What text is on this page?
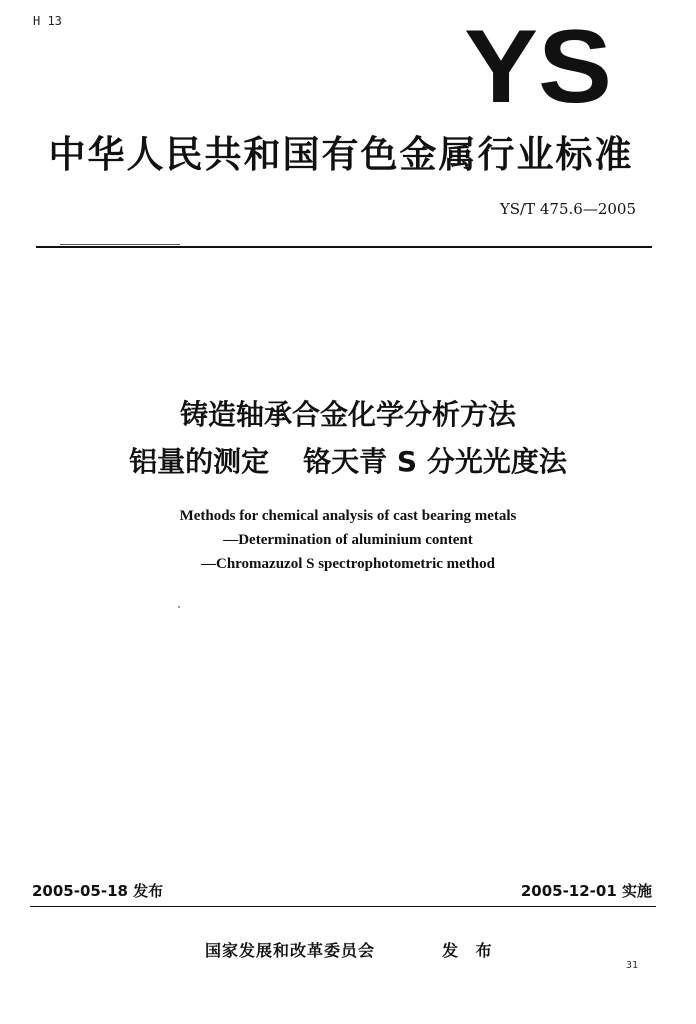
H 13	YS
中华人民共和国有色金属行业标准
YS/T 475.6—2005
铸造轴承合金化学分析方法
铝量的测定 铬天青 S 分光光度法
Methods for chemical analysis of cast bearing metals
—Determination of aluminium content
—Chromazuzol S spectrophotometric method
2005-05-18 发布	2005-12-01 实施
国家发展和改革委员会	发 布
31
